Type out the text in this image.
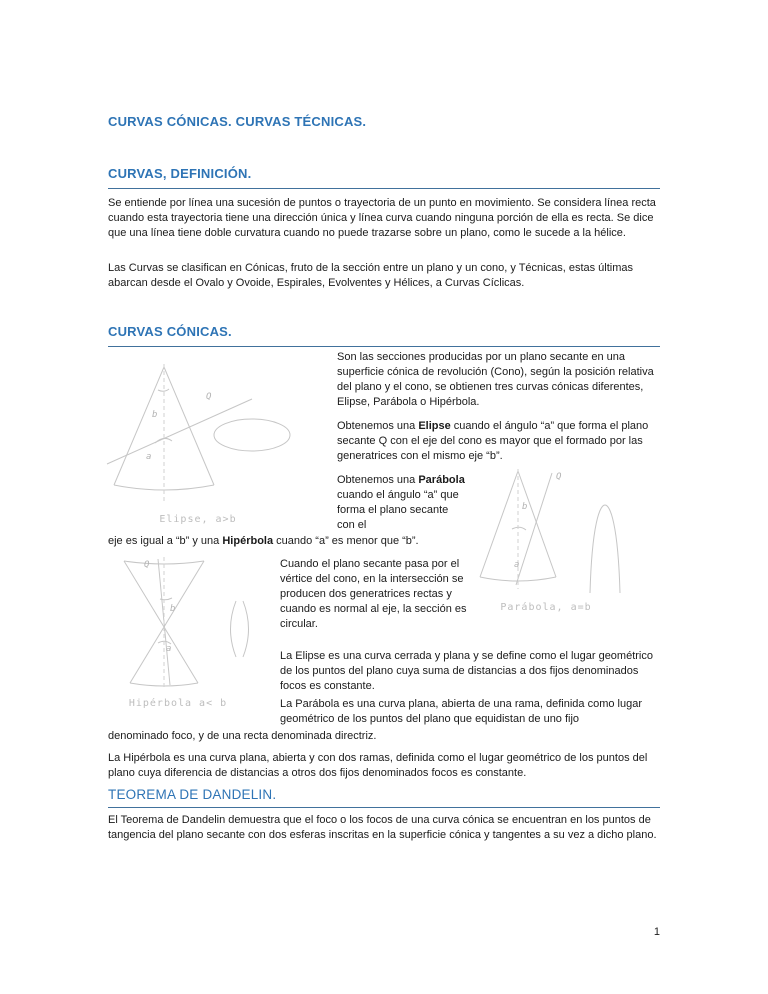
CURVAS CÓNICAS. CURVAS TÉCNICAS.
CURVAS, DEFINICIÓN.

Se entiende por línea una sucesión de puntos o trayectoria de un punto en movimiento. Se considera línea recta cuando esta trayectoria tiene una dirección única y línea curva cuando ninguna porción de ella es recta. Se dice que una línea tiene doble curvatura cuando no puede trazarse sobre un plano, como le sucede a la hélice.

Las Curvas se clasifican en Cónicas, fruto de la sección entre un plano y un cono, y Técnicas, estas últimas abarcan desde el Ovalo y Ovoide, Espirales, Evolventes y Hélices, a Curvas Cíclicas.

CURVAS CÓNICAS.
b
Q
a
Elipse, a>b

Son las secciones producidas por un plano secante en una superficie cónica de revolución (Cono), según la posición relativa del plano y el cono, se obtienen tres curvas cónicas diferentes, Elipse, Parábola o Hipérbola.

Obtenemos una Elipse cuando el ángulo “a” que forma el plano secante Q con el eje del cono es mayor que el formado por las generatrices con el mismo eje “b”.

Obtenemos una Parábola cuando el ángulo “a” que forma el plano secante con el

Q
b
a
Parábola, a=b

eje es igual a “b” y una Hipérbola cuando “a” es menor que “b”.

Q
b
a
Hipérbola a< b

Cuando el plano secante pasa por el vértice del cono, en la intersección se producen dos generatrices rectas y cuando es normal al eje, la sección es circular.

La Elipse es una curva cerrada y plana y se define como el lugar geométrico de los puntos del plano cuya suma de distancias a dos fijos denominados focos es constante.

La Parábola es una curva plana, abierta de una rama, definida como lugar geométrico de los puntos del plano que equidistan de uno fijo

denominado foco, y de una recta denominada directriz.

La Hipérbola es una curva plana, abierta y con dos ramas, definida como el lugar geométrico de los puntos del plano cuya diferencia de distancias a otros dos fijos denominados focos es constante.

TEOREMA DE DANDELIN.

El Teorema de Dandelin demuestra que el foco o los focos de una curva cónica se encuentran en los puntos de tangencia del plano secante con dos esferas inscritas en la superficie cónica y tangentes a su vez a dicho plano.

1
